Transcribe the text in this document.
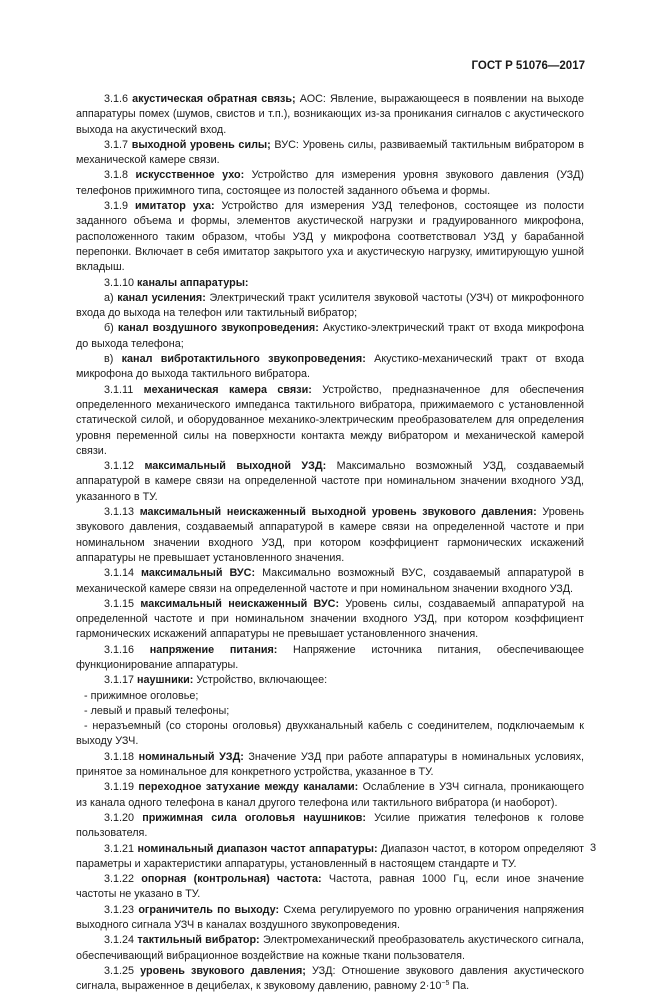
ГОСТ Р 51076—2017

3.1.6 акустическая обратная связь; АОС: Явление, выражающееся в появлении на выходе аппаратуры помех (шумов, свистов и т.п.), возникающих из-за проникания сигналов с акустического выхода на акустический вход.

3.1.7 выходной уровень силы; ВУС: Уровень силы, развиваемый тактильным вибратором в механической камере связи.

3.1.8 искусственное ухо: Устройство для измерения уровня звукового давления (УЗД) телефонов прижимного типа, состоящее из полостей заданного объема и формы.

3.1.9 имитатор уха: Устройство для измерения УЗД телефонов, состоящее из полости заданного объема и формы, элементов акустической нагрузки и градуированного микрофона, расположенного таким образом, чтобы УЗД у микрофона соответствовал УЗД у барабанной перепонки. Включает в себя имитатор закрытого уха и акустическую нагрузку, имитирующую ушной вкладыш.

3.1.10 каналы аппаратуры:

а) канал усиления: Электрический тракт усилителя звуковой частоты (УЗЧ) от микрофонного входа до выхода на телефон или тактильный вибратор;

б) канал воздушного звукопроведения: Акустико-электрический тракт от входа микрофона до выхода телефона;

в) канал вибротактильного звукопроведения: Акустико-механический тракт от входа микрофона до выхода тактильного вибратора.

3.1.11 механическая камера связи: Устройство, предназначенное для обеспечения определенного механического импеданса тактильного вибратора, прижимаемого с установленной статической силой, и оборудованное механико-электрическим преобразователем для определения уровня переменной силы на поверхности контакта между вибратором и механической камерой связи.

3.1.12 максимальный выходной УЗД: Максимально возможный УЗД, создаваемый аппаратурой в камере связи на определенной частоте при номинальном значении входного УЗД, указанного в ТУ.

3.1.13 максимальный неискаженный выходной уровень звукового давления: Уровень звукового давления, создаваемый аппаратурой в камере связи на определенной частоте и при номинальном значении входного УЗД, при котором коэффициент гармонических искажений аппаратуры не превышает установленного значения.

3.1.14 максимальный ВУС: Максимально возможный ВУС, создаваемый аппаратурой в механической камере связи на определенной частоте и при номинальном значении входного УЗД.

3.1.15 максимальный неискаженный ВУС: Уровень силы, создаваемый аппаратурой на определенной частоте и при номинальном значении входного УЗД, при котором коэффициент гармонических искажений аппаратуры не превышает установленного значения.

3.1.16 напряжение питания: Напряжение источника питания, обеспечивающее функционирование аппаратуры.

3.1.17 наушники: Устройство, включающее:

- прижимное оголовье;

- левый и правый телефоны;

- неразъемный (со стороны оголовья) двухканальный кабель с соединителем, подключаемым к выходу УЗЧ.

3.1.18 номинальный УЗД: Значение УЗД при работе аппаратуры в номинальных условиях, принятое за номинальное для конкретного устройства, указанное в ТУ.

3.1.19 переходное затухание между каналами: Ослабление в УЗЧ сигнала, проникающего из канала одного телефона в канал другого телефона или тактильного вибратора (и наоборот).

3.1.20 прижимная сила оголовья наушников: Усилие прижатия телефонов к голове пользователя.

3.1.21 номинальный диапазон частот аппаратуры: Диапазон частот, в котором определяют параметры и характеристики аппаратуры, установленный в настоящем стандарте и ТУ.

3.1.22 опорная (контрольная) частота: Частота, равная 1000 Гц, если иное значение частоты не указано в ТУ.

3.1.23 ограничитель по выходу: Схема регулируемого по уровню ограничения напряжения выходного сигнала УЗЧ в каналах воздушного звукопроведения.

3.1.24 тактильный вибратор: Электромеханический преобразователь акустического сигнала, обеспечивающий вибрационное воздействие на кожные ткани пользователя.

3.1.25 уровень звукового давления; УЗД: Отношение звукового давления акустического сигнала, выраженное в децибелах, к звуковому давлению, равному $2\cdot 10^{-5}$ Па.

3
